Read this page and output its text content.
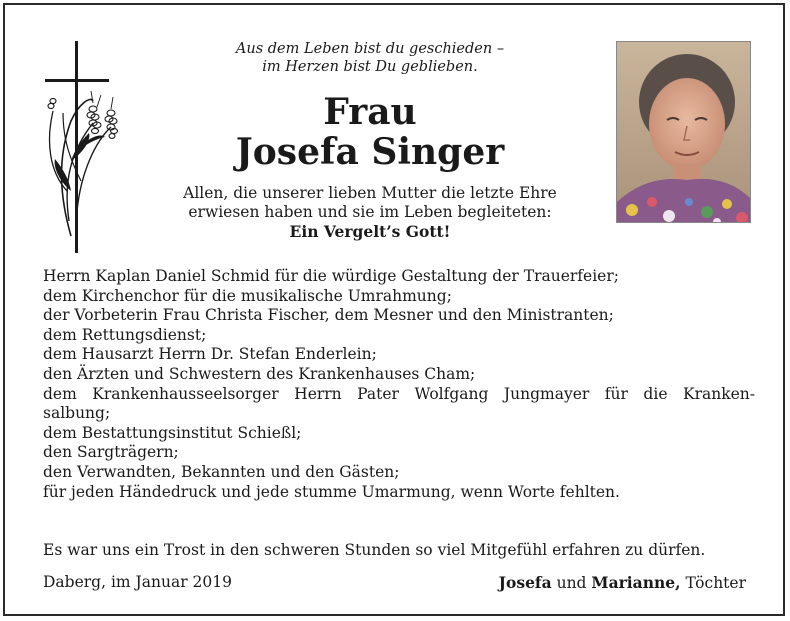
Aus dem Leben bist du geschieden –
im Herzen bist Du geblieben.
Frau
Josefa Singer
Allen, die unserer lieben Mutter die letzte Ehre
erwiesen haben und sie im Leben begleiteten:
Ein Vergelt’s Gott!
Herrn Kaplan Daniel Schmid für die würdige Gestaltung der Trauerfeier;
dem Kirchenchor für die musikalische Umrahmung;
der Vorbeterin Frau Christa Fischer, dem Mesner und den Ministranten;
dem Rettungsdienst;
dem Hausarzt Herrn Dr. Stefan Enderlein;
den Ärzten und Schwestern des Krankenhauses Cham;
dem Krankenhausseelsorger Herrn Pater Wolfgang Jungmayer für die Kranken-
salbung;
dem Bestattungsinstitut Schießl;
den Sargträgern;
den Verwandten, Bekannten und den Gästen;
für jeden Händedruck und jede stumme Umarmung, wenn Worte fehlten.
Es war uns ein Trost in den schweren Stunden so viel Mitgefühl erfahren zu dürfen.
Daberg, im Januar 2019	Josefa und Marianne, Töchter
